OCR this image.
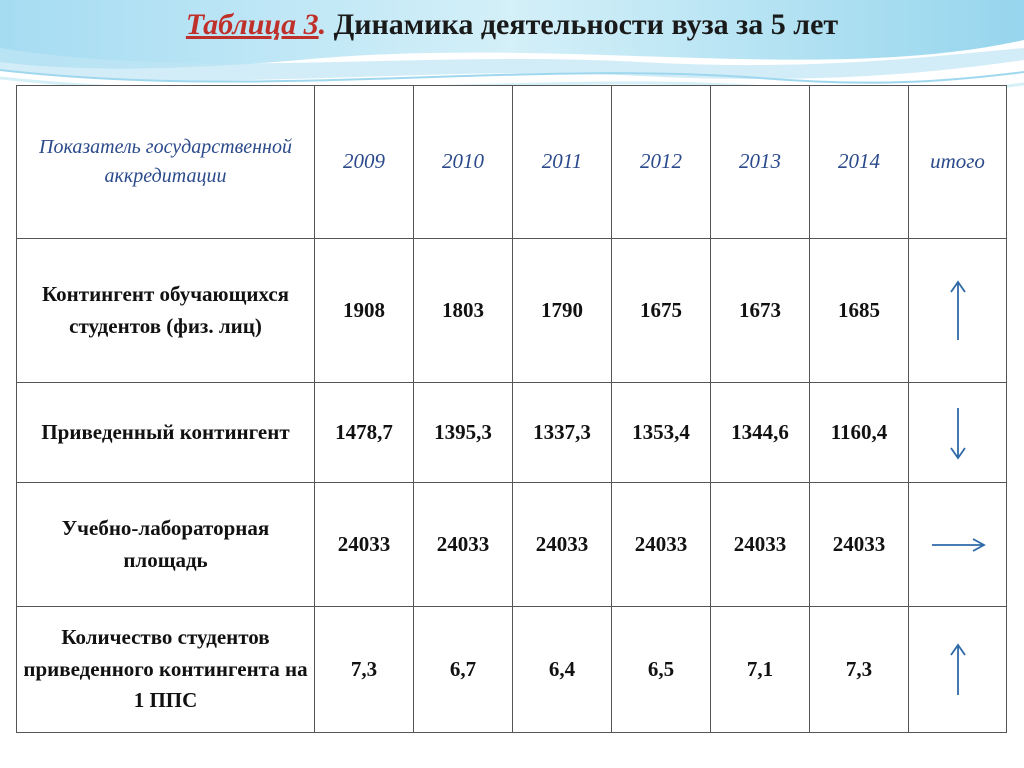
Таблица 3. Динамика деятельности вуза за 5 лет
Показатель государственной аккредитации	2009	2010	2011	2012	2013	2014	итого
Контингент обучающихся студентов (физ. лиц)	1908	1803	1790	1675	1673	1685	

Приведенный контингент	1478,7	1395,3	1337,3	1353,4	1344,6	1160,4	

Учебно-лабораторная площадь	24033	24033	24033	24033	24033	24033	

Количество студентов приведенного контингента на 1 ППС	7,3	6,7	6,4	6,5	7,1	7,3	
